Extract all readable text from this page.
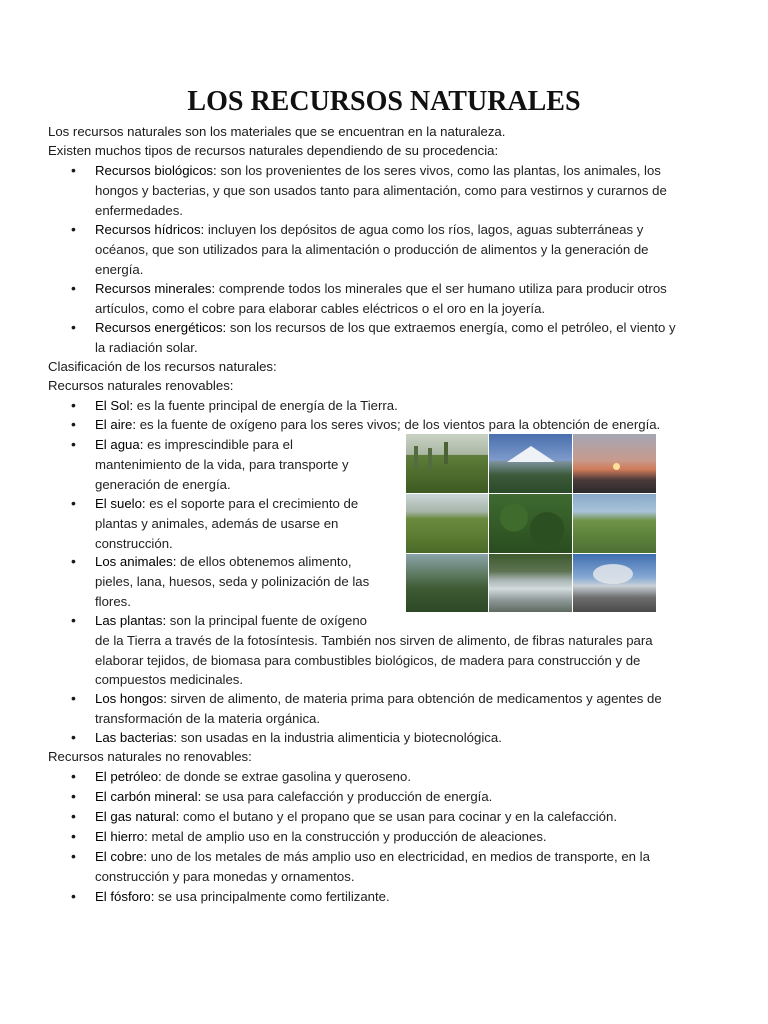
LOS RECURSOS NATURALES
Los recursos naturales son los materiales que se encuentran en la naturaleza.
Existen muchos tipos de recursos naturales dependiendo de su procedencia:
• Recursos biológicos: son los provenientes de los seres vivos, como las plantas, los animales, los
hongos y bacterias, y que son usados tanto para alimentación, como para vestirnos y curarnos de
enfermedades.
• Recursos hídricos: incluyen los depósitos de agua como los ríos, lagos, aguas subterráneas y
océanos, que son utilizados para la alimentación o producción de alimentos y la generación de
energía.
• Recursos minerales: comprende todos los minerales que el ser humano utiliza para producir otros
artículos, como el cobre para elaborar cables eléctricos o el oro en la joyería.
• Recursos energéticos: son los recursos de los que extraemos energía, como el petróleo, el viento y
la radiación solar.
Clasificación de los recursos naturales:
Recursos naturales renovables:
• El Sol: es la fuente principal de energía de la Tierra.
• El aire: es la fuente de oxígeno para los seres vivos; de los vientos para la obtención de energía.
• El agua: es imprescindible para el
mantenimiento de la vida, para transporte y
generación de energía.
• El suelo: es el soporte para el crecimiento de
plantas y animales, además de usarse en
construcción.
• Los animales: de ellos obtenemos alimento,
pieles, lana, huesos, seda y polinización de las
flores.
• Las plantas: son la principal fuente de oxígeno
de la Tierra a través de la fotosíntesis. También nos sirven de alimento, de fibras naturales para
elaborar tejidos, de biomasa para combustibles biológicos, de madera para construcción y de
compuestos medicinales.
• Los hongos: sirven de alimento, de materia prima para obtención de medicamentos y agentes de
transformación de la materia orgánica.
• Las bacterias: son usadas en la industria alimenticia y biotecnológica.
Recursos naturales no renovables:
• El petróleo: de donde se extrae gasolina y queroseno.
• El carbón mineral: se usa para calefacción y producción de energía.
• El gas natural: como el butano y el propano que se usan para cocinar y en la calefacción.
• El hierro: metal de amplio uso en la construcción y producción de aleaciones.
• El cobre: uno de los metales de más amplio uso en electricidad, en medios de transporte, en la
construcción y para monedas y ornamentos.
• El fósforo: se usa principalmente como fertilizante.
